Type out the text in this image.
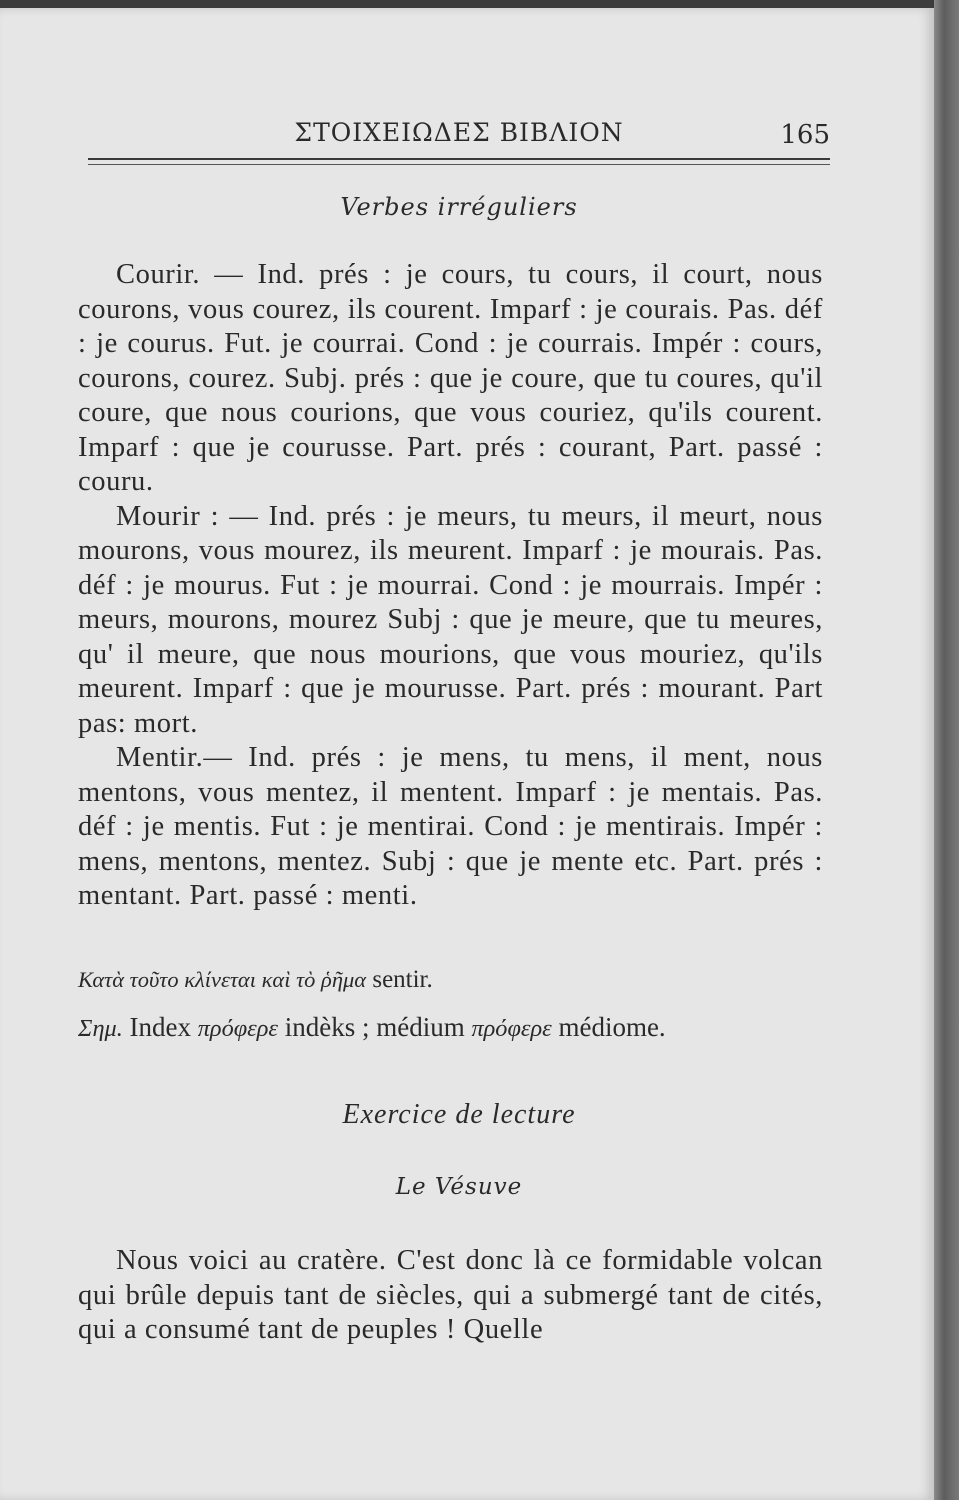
ΣΤΟΙΧΕΙΩΔΕΣ ΒΙΒΛΙΟΝ	165
Verbes irréguliers

Courir. — Ind. prés : je cours, tu cours, il court, nous courons, vous courez, ils courent. Imparf : je courais. Pas. déf : je courus. Fut. je courrai. Cond : je courrais. Impér : cours, courons, courez. Subj. prés : que je coure, que tu coures, qu'il coure, que nous courions, que vous couriez, qu'ils courent. Imparf : que je courusse. Part. prés : courant, Part. passé : couru.

Mourir : — Ind. prés : je meurs, tu meurs, il meurt, nous mourons, vous mourez, ils meurent. Imparf : je mourais. Pas. déf : je mourus. Fut : je mourrai. Cond : je mourrais. Impér : meurs, mourons, mourez Subj : que je meure, que tu meures, qu' il meure, que nous mourions, que vous mouriez, qu'ils meurent. Imparf : que je mourusse. Part. prés : mourant. Part pas: mort.

Mentir.— Ind. prés : je mens, tu mens, il ment, nous mentons, vous mentez, il mentent. Imparf : je mentais. Pas. déf : je mentis. Fut : je mentirai. Cond : je mentirais. Impér : mens, mentons, mentez. Subj : que je mente etc. Part. prés : mentant. Part. passé : menti.

Κατὰ τοῦτο κλίνεται καὶ τὸ ῥῆμα sentir.
Σημ. Index πρόφερε indèks ; médium πρόφερε médiome.
Exercice de lecture
Le Vésuve

Nous voici au cratère. C'est donc là ce formidable volcan qui brûle depuis tant de siècles, qui a submergé tant de cités, qui a consumé tant de peuples ! Quelle
